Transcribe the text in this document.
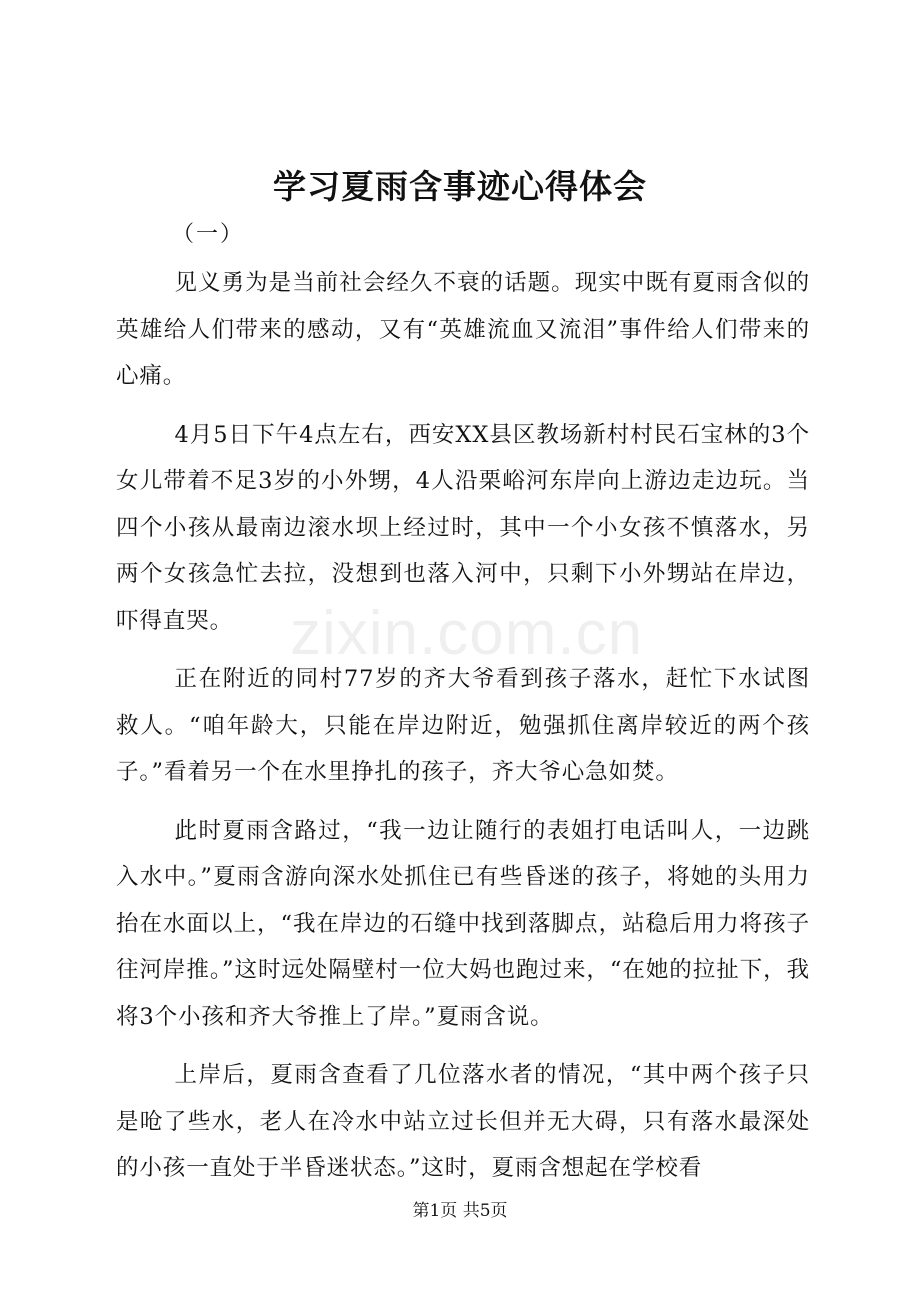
zixin.com.cn
学习夏雨含事迹心得体会
（一）

见义勇为是当前社会经久不衰的话题。现实中既有夏雨含似的英雄给人们带来的感动，又有“英雄流血又流泪”事件给人们带来的心痛。

4月5日下午4点左右，西安XX县区教场新村村民石宝林的3个女儿带着不足3岁的小外甥，4人沿栗峪河东岸向上游边走边玩。当四个小孩从最南边滚水坝上经过时，其中一个小女孩不慎落水，另两个女孩急忙去拉，没想到也落入河中，只剩下小外甥站在岸边，吓得直哭。

正在附近的同村77岁的齐大爷看到孩子落水，赶忙下水试图救人。“咱年龄大，只能在岸边附近，勉强抓住离岸较近的两个孩子。”看着另一个在水里挣扎的孩子，齐大爷心急如焚。

此时夏雨含路过，“我一边让随行的表姐打电话叫人，一边跳入水中。”夏雨含游向深水处抓住已有些昏迷的孩子，将她的头用力抬在水面以上，“我在岸边的石缝中找到落脚点，站稳后用力将孩子往河岸推。”这时远处隔壁村一位大妈也跑过来，“在她的拉扯下，我将3个小孩和齐大爷推上了岸。”夏雨含说。

上岸后，夏雨含查看了几位落水者的情况，“其中两个孩子只是呛了些水，老人在冷水中站立过长但并无大碍，只有落水最深处的小孩一直处于半昏迷状态。”这时，夏雨含想起在学校看

第1页 共5页
